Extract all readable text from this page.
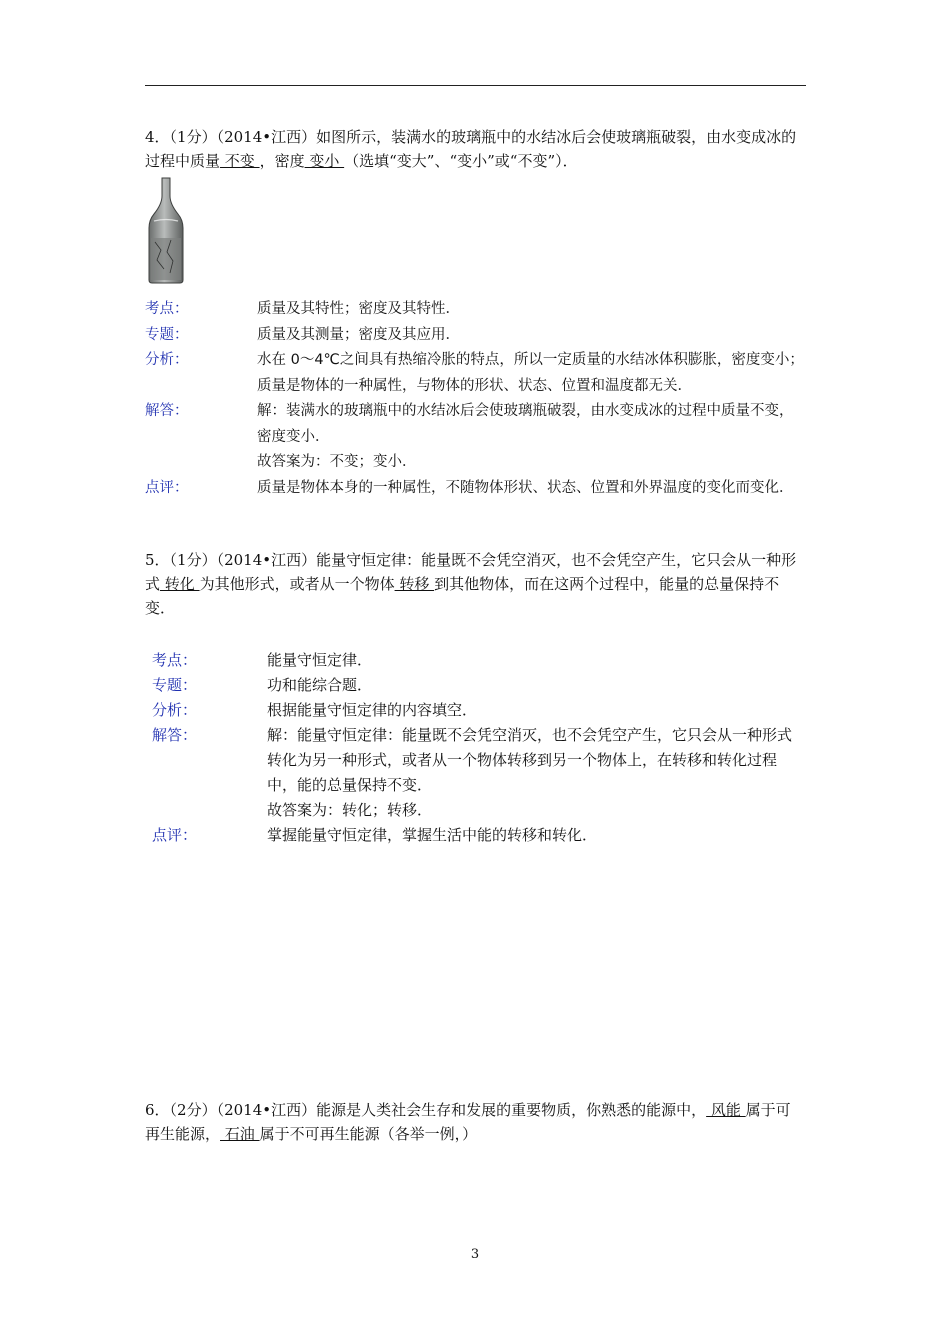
4．（1分）（2014•江西）如图所示，装满水的玻璃瓶中的水结冰后会使玻璃瓶破裂，由水变成冰的过程中质量 不变 ，密度 变小 （选填“变大”、“变小”或“不变”）．
考点：	质量及其特性；密度及其特性．
专题：	质量及其测量；密度及其应用．
分析：	水在 0～4℃之间具有热缩冷胀的特点，所以一定质量的水结冰体积膨胀，密度变小；
质量是物体的一种属性，与物体的形状、状态、位置和温度都无关．
解答：	解：装满水的玻璃瓶中的水结冰后会使玻璃瓶破裂，由水变成冰的过程中质量不变，密度变小．
故答案为：不变；变小．
点评：	质量是物体本身的一种属性，不随物体形状、状态、位置和外界温度的变化而变化．
5．（1分）（2014•江西）能量守恒定律：能量既不会凭空消灭，也不会凭空产生，它只会从一种形式 转化 为其他形式，或者从一个物体 转移 到其他物体，而在这两个过程中，能量的总量保持不变．
考点：	能量守恒定律．
专题：	功和能综合题．
分析：	根据能量守恒定律的内容填空．
解答：	解：能量守恒定律：能量既不会凭空消灭，也不会凭空产生，它只会从一种形式转化为另一种形式，或者从一个物体转移到另一个物体上，在转移和转化过程中，能的总量保持不变．
故答案为：转化；转移．
点评：	掌握能量守恒定律，掌握生活中能的转移和转化．
6．（2分）（2014•江西）能源是人类社会生存和发展的重要物质，你熟悉的能源中， 风能 属于可再生能源， 石油 属于不可再生能源（各举一例，）
3
